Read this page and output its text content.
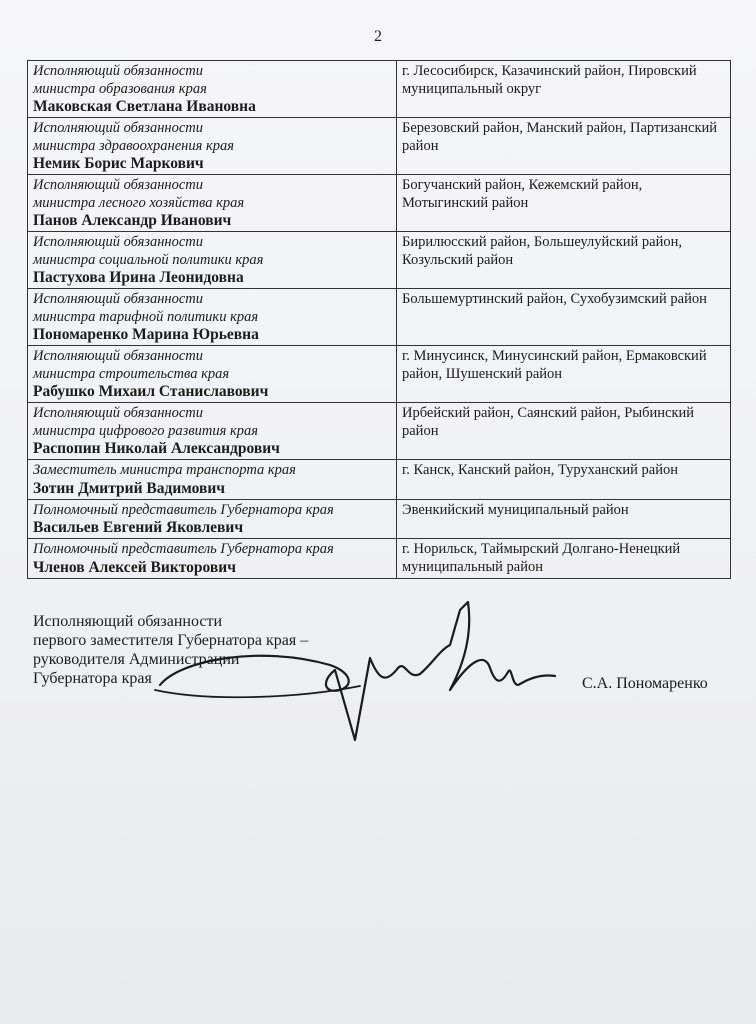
2
Исполняющий обязанности
министра образования края
Маковская Светлана Ивановна	г. Лесосибирск, Казачинский район, Пировский муниципальный округ

Исполняющий обязанности
министра здравоохранения края
Немик Борис Маркович	Березовский район, Манский район, Партизанский район

Исполняющий обязанности
министра лесного хозяйства края
Панов Александр Иванович	Богучанский район, Кежемский район, Мотыгинский район

Исполняющий обязанности
министра социальной политики края
Пастухова Ирина Леонидовна	Бирилюсский район, Большеулуйский район, Козульский район

Исполняющий обязанности
министра тарифной политики края
Пономаренко Марина Юрьевна	Большемуртинский район, Сухобузимский район

Исполняющий обязанности
министра строительства края
Рабушко Михаил Станиславович	г. Минусинск, Минусинский район, Ермаковский район, Шушенский район

Исполняющий обязанности
министра цифрового развития края
Распопин Николай Александрович	Ирбейский район, Саянский район, Рыбинский район

Заместитель министра транспорта края
Зотин Дмитрий Вадимович	г. Канск, Канский район, Туруханский район

Полномочный представитель Губернатора края
Васильев Евгений Яковлевич	Эвенкийский муниципальный район

Полномочный представитель Губернатора края
Членов Алексей Викторович	г. Норильск, Таймырский Долгано-Ненецкий муниципальный район
Исполняющий обязанности
первого заместителя Губернатора края –
руководителя Администрации
Губернатора края	С.А. Пономаренко
